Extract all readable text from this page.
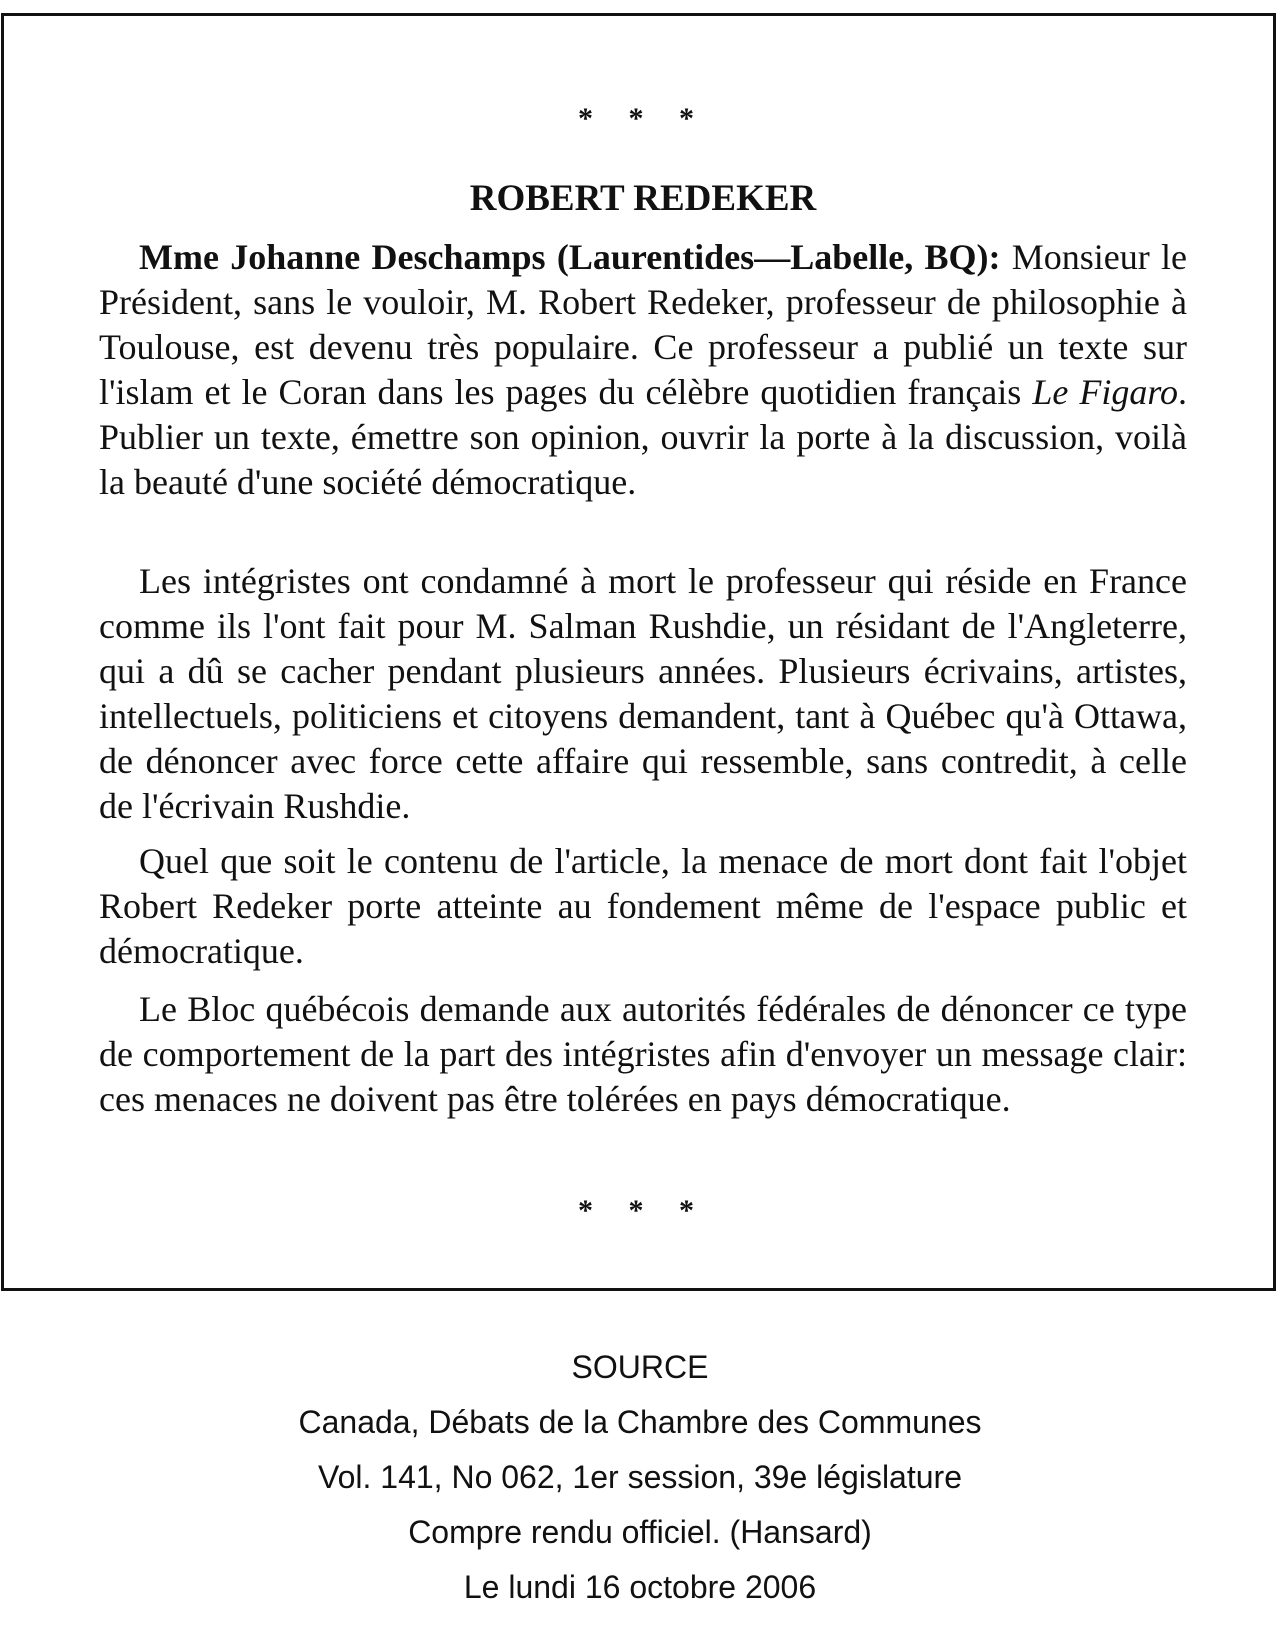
* * *
ROBERT REDEKER

Mme Johanne Deschamps (Laurentides—Labelle, BQ): Monsieur le Président, sans le vouloir, M. Robert Redeker, professeur de philosophie à Toulouse, est devenu très populaire. Ce professeur a publié un texte sur l'islam et le Coran dans les pages du célèbre quotidien français Le Figaro. Publier un texte, émettre son opinion, ouvrir la porte à la discussion, voilà la beauté d'une société démocratique.

Les intégristes ont condamné à mort le professeur qui réside en France comme ils l'ont fait pour M. Salman Rushdie, un résidant de l'Angleterre, qui a dû se cacher pendant plusieurs années. Plusieurs écrivains, artistes, intellectuels, politiciens et citoyens demandent, tant à Québec qu'à Ottawa, de dénoncer avec force cette affaire qui ressemble, sans contredit, à celle de l'écrivain Rushdie.

Quel que soit le contenu de l'article, la menace de mort dont fait l'objet Robert Redeker porte atteinte au fondement même de l'espace public et démocratique.

Le Bloc québécois demande aux autorités fédérales de dénoncer ce type de comportement de la part des intégristes afin d'envoyer un message clair: ces menaces ne doivent pas être tolérées en pays démocratique.

* * *
SOURCE
Canada, Débats de la Chambre des Communes
Vol. 141, No 062, 1er session, 39e législature
Compre rendu officiel. (Hansard)
Le lundi 16 octobre 2006
